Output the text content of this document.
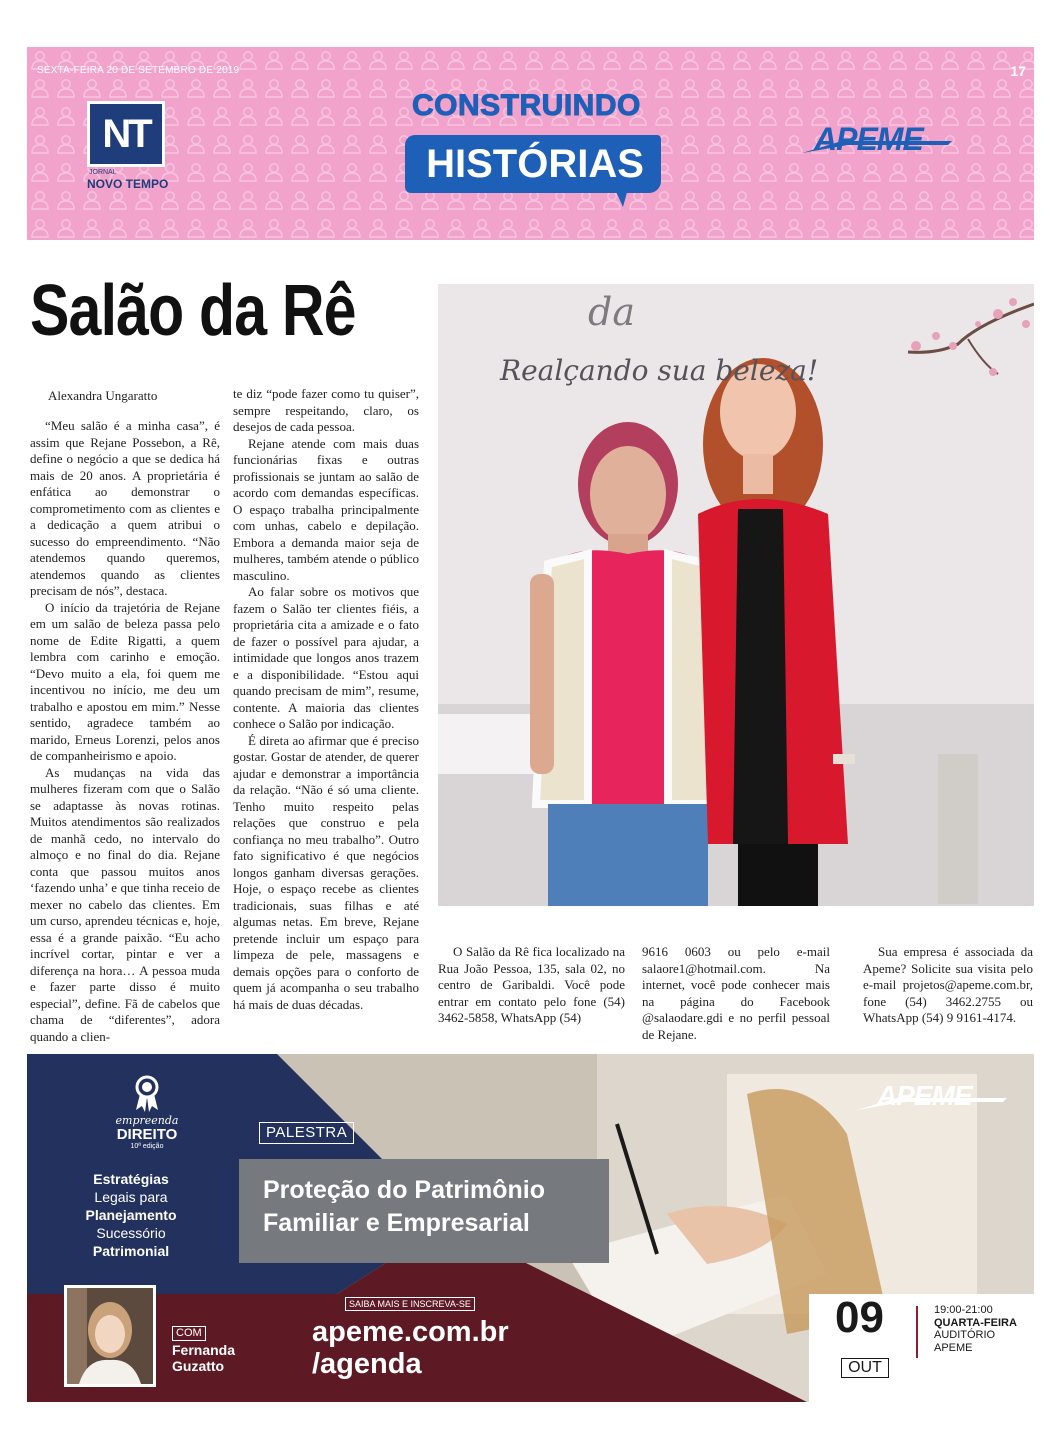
SEXTA-FEIRA 20 DE SETEMBRO DE 2019	17
NT
JORNAL
NOVO TEMPO
CONSTRUINDO
HISTÓRIAS
APEME
Salão da Rê
Alexandra Ungaratto

“Meu salão é a minha casa”, é assim que Rejane Possebon, a Rê, define o negócio a que se dedica há mais de 20 anos. A proprietária é enfática ao demonstrar o comprometimento com as clientes e a dedicação a quem atribui o sucesso do empreendimento. “Não atendemos quando queremos, atendemos quando as clientes precisam de nós”, destaca.

O início da trajetória de Rejane em um salão de beleza passa pelo nome de Edite Rigatti, a quem lembra com carinho e emoção. “Devo muito a ela, foi quem me incentivou no início, me deu um trabalho e apostou em mim.” Nesse sentido, agradece também ao marido, Erneus Lorenzi, pelos anos de companheirismo e apoio.

As mudanças na vida das mulheres fizeram com que o Salão se adaptasse às novas rotinas. Muitos atendimentos são realizados de manhã cedo, no intervalo do almoço e no final do dia. Rejane conta que passou muitos anos ‘fazendo unha’ e que tinha receio de mexer no cabelo das clientes. Em um curso, aprendeu técnicas e, hoje, essa é a grande paixão. “Eu acho incrível cortar, pintar e ver a diferença na hora… A pessoa muda e fazer parte disso é muito especial”, define. Fã de cabelos que chama de “diferentes”, adora quando a clien-

te diz “pode fazer como tu quiser”, sempre respeitando, claro, os desejos de cada pessoa.

Rejane atende com mais duas funcionárias fixas e outras profissionais se juntam ao salão de acordo com demandas específicas. O espaço trabalha principalmente com unhas, cabelo e depilação. Embora a demanda maior seja de mulheres, também atende o público masculino.

Ao falar sobre os motivos que fazem o Salão ter clientes fiéis, a proprietária cita a amizade e o fato de fazer o possível para ajudar, a intimidade que longos anos trazem e a disponibilidade. “Estou aqui quando precisam de mim”, resume, contente. A maioria das clientes conhece o Salão por indicação.

É direta ao afirmar que é preciso gostar. Gostar de atender, de querer ajudar e demonstrar a importância da relação. “Não é só uma cliente. Tenho muito respeito pelas relações que construo e pela confiança no meu trabalho”. Outro fato significativo é que negócios longos ganham diversas gerações. Hoje, o espaço recebe as clientes tradicionais, suas filhas e até algumas netas. Em breve, Rejane pretende incluir um espaço para limpeza de pele, massagens e demais opções para o conforto de quem já acompanha o seu trabalho há mais de duas décadas.

O Salão da Rê fica localizado na Rua João Pessoa, 135, sala 02, no centro de Garibaldi. Você pode entrar em contato pelo fone (54) 3462-5858, WhatsApp (54)

9616 0603 ou pelo e-mail salaore1@hotmail.com. Na internet, você pode conhecer mais na página do Facebook @salaodare.gdi e no perfil pessoal de Rejane.

Sua empresa é associada da Apeme? Solicite sua visita pelo e-mail projetos@apeme.com.br, fone (54) 3462.2755 ou WhatsApp (54) 9 9161-4174.

da
Realçando sua beleza!
empreenda
DIREITO
10ª edição
Estratégias
Legais para
Planejamento
Sucessório
Patrimonial
COM
Fernanda
Guzatto
PALESTRA
Proteção do Patrimônio
Familiar e Empresarial
SAIBA MAIS E INSCREVA-SE
apeme.com.br
/agenda
APEME
09
OUT
19:00-21:00
QUARTA-FEIRA
AUDITÓRIO
APEME
